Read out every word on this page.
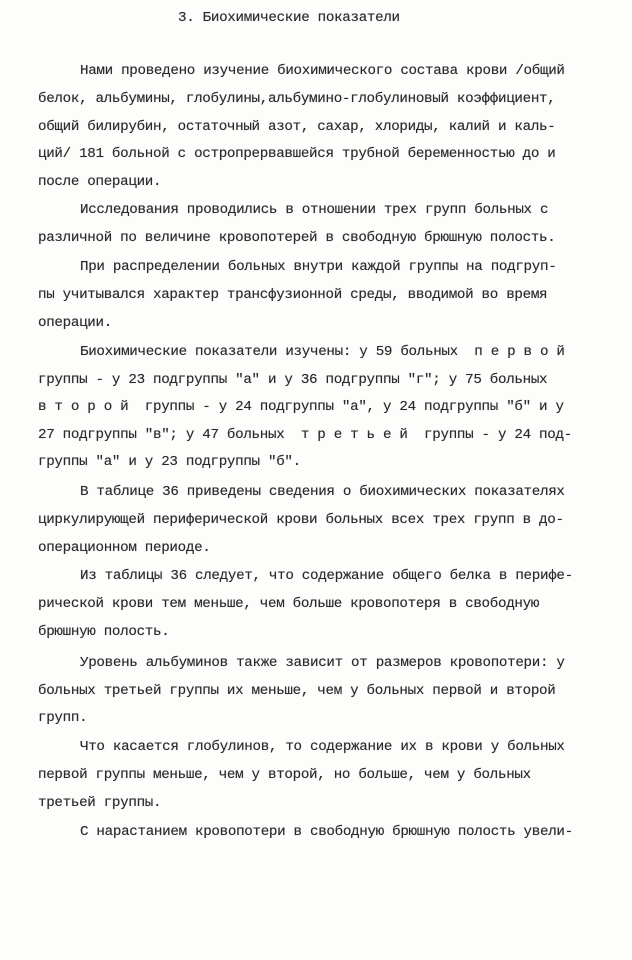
3. Биохимические показатели
Нами проведено изучение биохимического состава крови /общий
белок, альбумины, глобулины,альбумино-глобулиновый коэффициент,
общий билирубин, остаточный азот, сахар, хлориды, калий и каль-
ций/ 181 больной с остропрервавшейся трубной беременностью до и
после операции.
Исследования проводились в отношении трех групп больных с
различной по величине кровопотерей в свободную брюшную полость.
При распределении больных внутри каждой группы на подгруп-
пы учитывался характер трансфузионной среды, вводимой во время
операции.
Биохимические показатели изучены: у 59 больных  п е р в о й
группы - у 23 подгруппы "а" и у 36 подгруппы "г"; у 75 больных
в т о р о й  группы - у 24 подгруппы "а", у 24 подгруппы "б" и у
27 подгруппы "в"; у 47 больных  т р е т ь е й  группы - у 24 под-
группы "а" и у 23 подгруппы "б".
В таблице 36 приведены сведения о биохимических показателях
циркулирующей периферической крови больных всех трех групп в до-
операционном периоде.
Из таблицы 36 следует, что содержание общего белка в перифе-
рической крови тем меньше, чем больше кровопотеря в свободную
брюшную полость.
Уровень альбуминов также зависит от размеров кровопотери: у
больных третьей группы их меньше, чем у больных первой и второй
групп.
Что касается глобулинов, то содержание их в крови у больных
первой группы меньше, чем у второй, но больше, чем у больных
третьей группы.
С нарастанием кровопотери в свободную брюшную полость увели-
